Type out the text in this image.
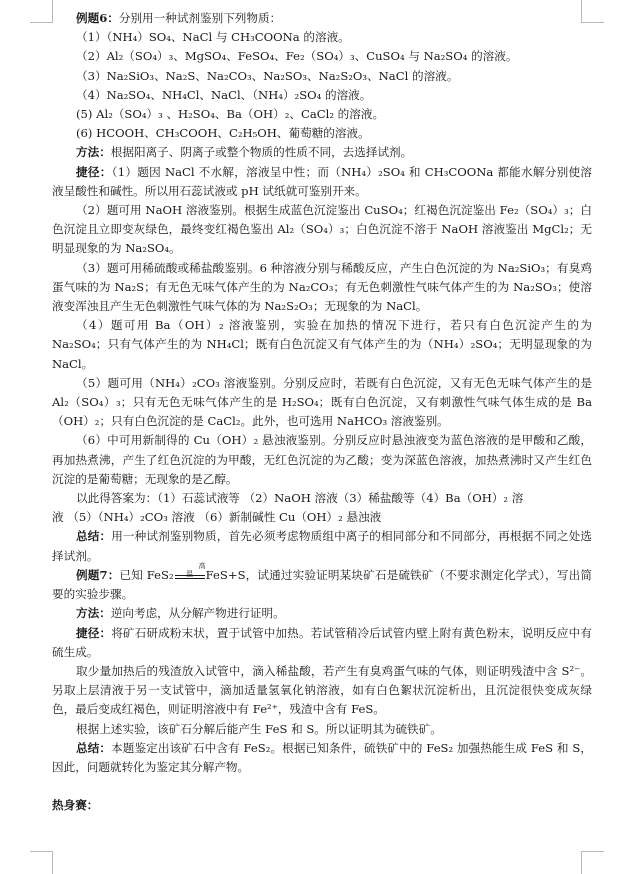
例题6：分别用一种试剂鉴别下列物质：
（1）（NH₄）SO₄、NaCl 与 CH₃COONa 的溶液。
（2）Al₂（SO₄）₃、MgSO₄、FeSO₄、Fe₂（SO₄）₃、CuSO₄ 与 Na₂SO₄ 的溶液。
（3）Na₂SiO₃、Na₂S、Na₂CO₃、Na₂SO₃、Na₂S₂O₃、NaCl 的溶液。
（4）Na₂SO₄、NH₄Cl、NaCl、（NH₄）₂SO₄ 的溶液。
(5) Al₂（SO₄）₃ 、H₂SO₄、Ba（OH）₂、CaCl₂ 的溶液。
(6) HCOOH、CH₃COOH、C₂H₅OH、葡萄糖的溶液。
方法：根据阳离子、阴离子或整个物质的性质不同，去选择试剂。

捷径：（1）题因 NaCl 不水解，溶液呈中性；而（NH₄）₂SO₄ 和 CH₃COONa 都能水解分别使溶液呈酸性和碱性。所以用石蕊试液或 pH 试纸就可鉴别开来。

（2）题可用 NaOH 溶液鉴别。根据生成蓝色沉淀鉴出 CuSO₄；红褐色沉淀鉴出 Fe₂（SO₄）₃；白色沉淀且立即变灰绿色，最终变红褐色鉴出 Al₂（SO₄）₃；白色沉淀不溶于 NaOH 溶液鉴出 MgCl₂；无明显现象的为 Na₂SO₄。

（3）题可用稀硫酸或稀盐酸鉴别。6 种溶液分别与稀酸反应，产生白色沉淀的为 Na₂SiO₃；有臭鸡蛋气味的为 Na₂S；有无色无味气体产生的为 Na₂CO₃；有无色刺激性气味气体产生的为 Na₂SO₃；使溶液变浑浊且产生无色刺激性气味气体的为 Na₂S₂O₃；无现象的为 NaCl。

（4）题可用 Ba（OH）₂ 溶液鉴别，实验在加热的情况下进行，若只有白色沉淀产生的为 Na₂SO₄；只有气体产生的为 NH₄Cl；既有白色沉淀又有气体产生的为（NH₄）₂SO₄；无明显现象的为 NaCl。

（5）题可用（NH₄）₂CO₃ 溶液鉴别。分别反应时，若既有白色沉淀，又有无色无味气体产生的是 Al₂（SO₄）₃；只有无色无味气体产生的是 H₂SO₄；既有白色沉淀，又有刺激性气味气体生成的是 Ba（OH）₂；只有白色沉淀的是 CaCl₂。此外，也可选用 NaHCO₃ 溶液鉴别。

（6）中可用新制得的 Cu（OH）₂ 悬浊液鉴别。分别反应时悬浊液变为蓝色溶液的是甲酸和乙酸，再加热煮沸，产生了红色沉淀的为甲酸，无红色沉淀的为乙酸；变为深蓝色溶液，加热煮沸时又产生红色沉淀的是葡萄糖；无现象的是乙醇。

以此得答案为：（1）石蕊试液等 （2）NaOH 溶液（3）稀盐酸等（4）Ba（OH）₂ 溶
液 （5）（NH₄）₂CO₃ 溶液 （6）新制碱性 Cu（OH）₂ 悬浊液

总结：用一种试剂鉴别物质，首先必须考虑物质组中离子的相同部分和不同部分，再根据不同之处选择试剂。

例题7：已知 FeS₂
高温	FeS+S，试通过实验证明某块矿石是硫铁矿（不要求测定化学式），写出简要的实验步骤。

方法：逆向考虑，从分解产物进行证明。

捷径：将矿石研成粉末状，置于试管中加热。若试管稍冷后试管内壁上附有黄色粉末，说明反应中有硫生成。

取少量加热后的残渣放入试管中，滴入稀盐酸，若产生有臭鸡蛋气味的气体，则证明残渣中含 S²⁻。另取上层清液于另一支试管中，滴加适量氢氧化钠溶液，如有白色絮状沉淀析出，且沉淀很快变成灰绿色，最后变成红褐色，则证明溶液中有 Fe²⁺，残渣中含有 FeS。

根据上述实验，该矿石分解后能产生 FeS 和 S。所以证明其为硫铁矿。

总结：本题鉴定出该矿石中含有 FeS₂。根据已知条件，硫铁矿中的 FeS₂ 加强热能生成 FeS 和 S，因此，问题就转化为鉴定其分解产物。

热身赛：
